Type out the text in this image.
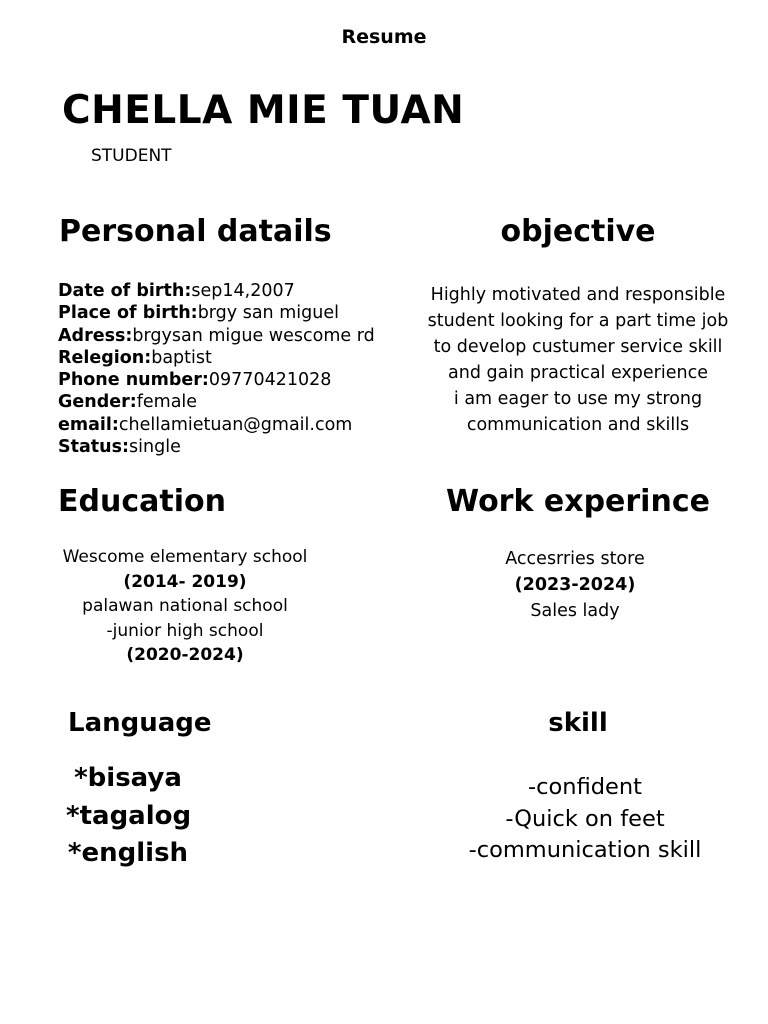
Resume
CHELLA MIE TUAN
STUDENT
Personal datails	objective
Date of birth:sep14,2007
Place of birth:brgy san miguel
Adress:brgysan migue wescome rd
Relegion:baptist
Phone number:09770421028
Gender:female
email:chellamietuan@gmail.com
Status:single
Highly motivated and responsible
student looking for a part time job
to develop custumer service skill
and gain practical experience
i am eager to use my strong
communication and skills
Education	Work experince
Wescome elementary school
(2014- 2019)
palawan national school
-junior high school
(2020-2024)
Accesrries store
(2023-2024)
Sales lady
Language	skill
*bisaya
*tagalog
*english
-confident
-Quick on feet
-communication skill
